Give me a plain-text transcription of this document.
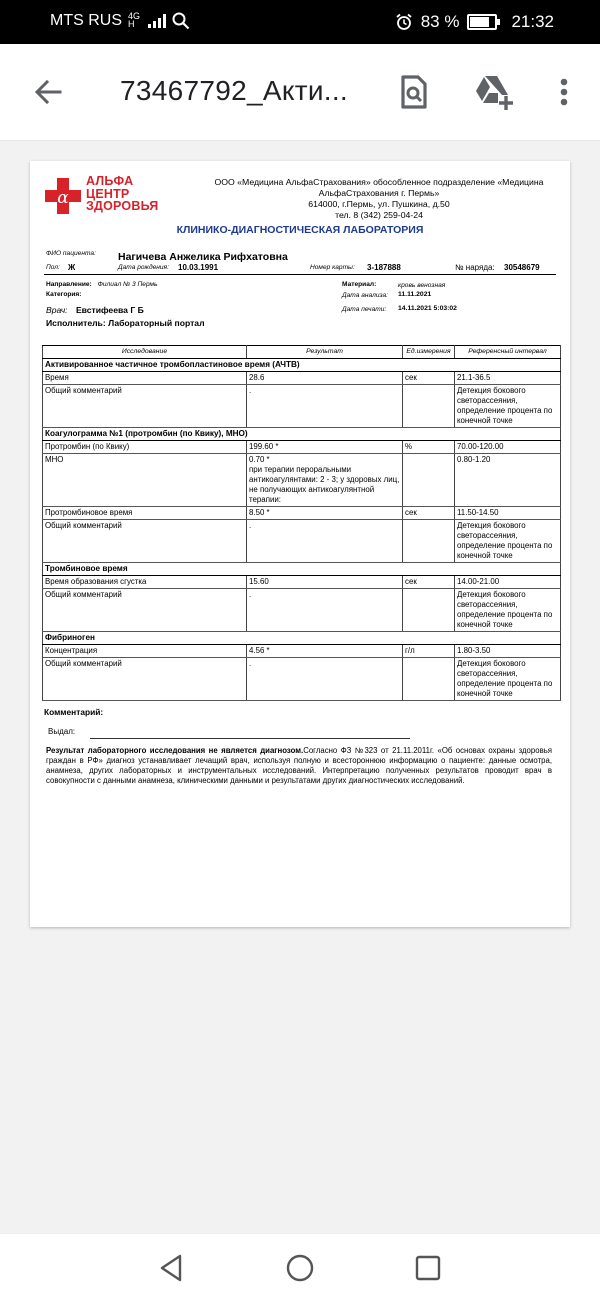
MTS RUS 4G
H	83 %	21:32
73467792_Акти...
α
АЛЬФА
ЦЕНТР
ЗДОРОВЬЯ
ООО «Медицина АльфаСтрахования» обособленное подразделение «Медицина
АльфаСтрахования г. Пермь»
614000, г.Пермь, ул. Пушкина, д.50
тел. 8 (342) 259-04-24
КЛИНИКО-ДИАГНОСТИЧЕСКАЯ ЛАБОРАТОРИЯ
ФИО пациента: Нагичева Анжелика Рифхатовна
Пол: Ж	Дата рождения: 10.03.1991	Номер карты: 3-187888	№ наряда: 30548679
Направление: Филиал № 3 Пермь
Категория:
Материал:	кровь венозная
Дата анализа: 11.11.2021
Врач: Евстифеева Г Б	Дата печати: 14.11.2021 5:03:02
Исполнитель: Лабораторный портал
Исследование	Результат	Ед.измерения	Референсный интервал
Активированное частичное тромбопластиновое время (АЧТВ)			
Время	28.6	сек	21.1-36.5
Общий комментарий	.		Детекция бокового светорассеяния, определение процента по конечной точке
Коагулограмма №1 (протромбин (по Квику), МНО)			
Протромбин (по Квику)	199.60 *	%	70.00-120.00
МНО	0.70 *
при терапии пероральными антикоагулянтами: 2 - 3; у здоровых лиц, не получающих антикоагулянтной терапии:		0.80-1.20
Протромбиновое время	8.50 *	сек	11.50-14.50
Общий комментарий	.		Детекция бокового светорассеяния, определение процента по конечной точке
Тромбиновое время			
Время образования сгустка	15.60	сек	14.00-21.00
Общий комментарий	.		Детекция бокового светорассеяния, определение процента по конечной точке
Фибриноген			
Концентрация	4.56 *	г/л	1.80-3.50
Общий комментарий	.		Детекция бокового светорассеяния, определение процента по конечной точке
Комментарий:
Выдал:
Результат лабораторного исследования не является диагнозом.Согласно ФЗ №323 от 21.11.2011г. «Об основах охраны здоровья граждан в РФ» диагноз устанавливает лечащий врач, используя полную и всестороннюю информацию о пациенте: данные осмотра, анамнеза, других лабораторных и инструментальных исследований. Интерпретацию полученных результатов проводит врач в совокупности с данными анамнеза, клиническими данными и результатами других диагностических исследований.
